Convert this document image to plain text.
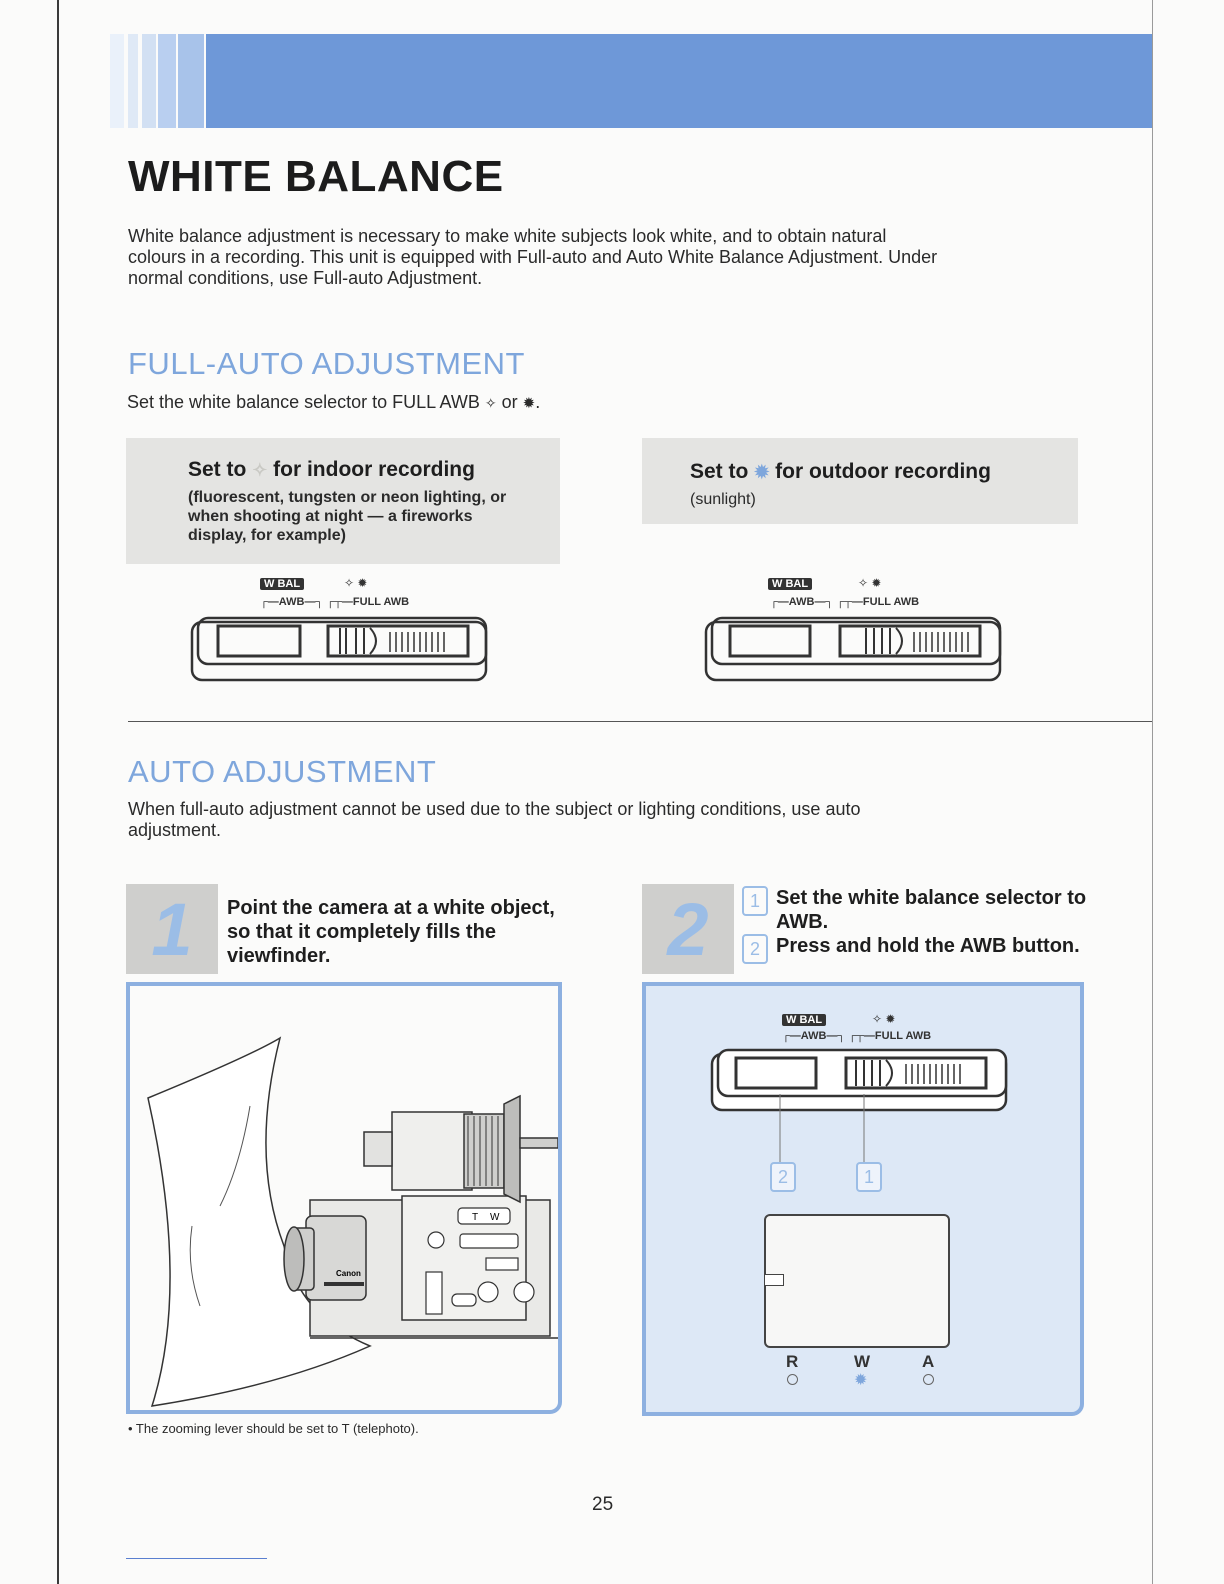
WHITE BALANCE
White balance adjustment is necessary to make white subjects look white, and to obtain natural colours in a recording. This unit is equipped with Full-auto and Auto White Balance Adjustment. Under normal conditions, use Full-auto Adjustment.
FULL-AUTO ADJUSTMENT
Set the white balance selector to FULL AWB ✧ or ✹.
Set to ✧ for indoor recording
(fluorescent, tungsten or neon lighting, or when shooting at night — a fireworks display, for example)
Set to ✹ for outdoor recording
(sunlight)
W BAL	✧ ✹
┌—AWB—┐ ┌┬—FULL AWB
W BAL	✧ ✹
┌—AWB—┐ ┌┬—FULL AWB
AUTO ADJUSTMENT
When full-auto adjustment cannot be used due to the subject or lighting conditions, use auto adjustment.
1 Point the camera at a white object, so that it completely fills the viewfinder.
T W
Canon
2	1 Set the white balance selector to AWB.
2 Press and hold the AWB button.
W BAL	✧ ✹
┌—AWB—┐ ┌┬—FULL AWB
2	1
R	W	A
✹
• The zooming lever should be set to T (telephoto).
25
